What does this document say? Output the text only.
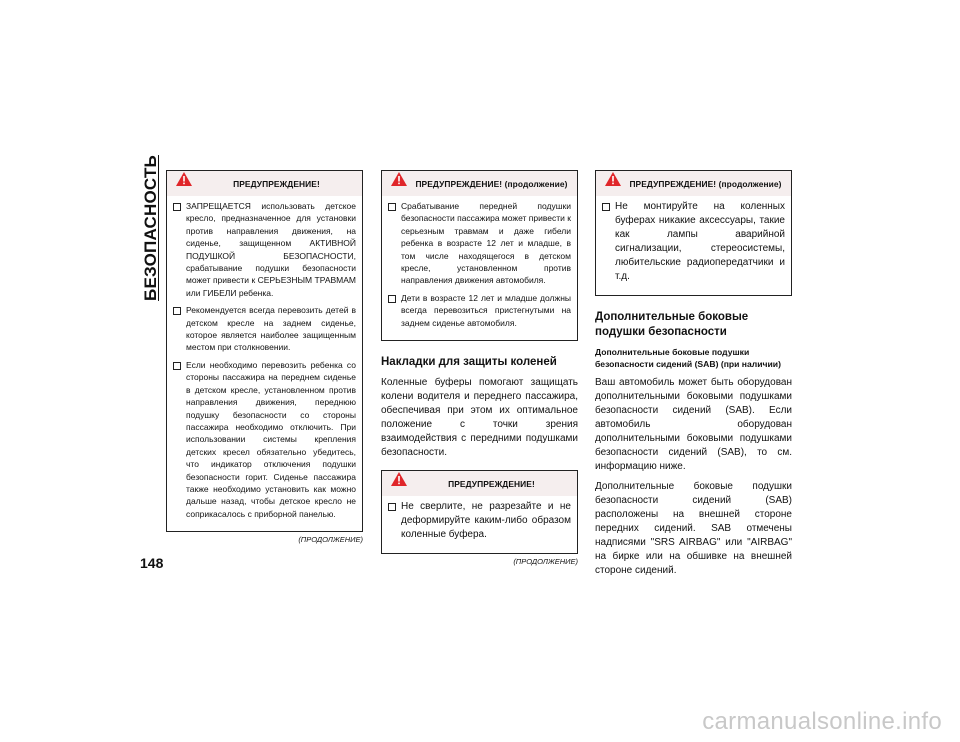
БЕЗОПАСНОСТЬ	ПРЕДУПРЕЖДЕНИЕ!

ЗАПРЕЩАЕТСЯ использовать детское кресло, предназначенное для установки против направления движения, на сиденье, защищенном АКТИВНОЙ ПОДУШКОЙ БЕЗОПАСНОСТИ, срабатывание подушки безопасности может привести к СЕРЬЕЗНЫМ ТРАВМАМ или ГИБЕЛИ ребенка.

Рекомендуется всегда перевозить детей в детском кресле на заднем сиденье, которое является наиболее защищенным местом при столкновении.

Если необходимо перевозить ребенка со стороны пассажира на переднем сиденье в детском кресле, установленном против направления движения, переднюю подушку безопасности со стороны пассажира необходимо отключить. При использовании системы крепления детских кресел обязательно убедитесь, что индикатор отключения подушки безопасности горит. Сиденье пассажира также необходимо установить как можно дальше назад, чтобы детское кресло не соприкасалось с приборной панелью.

(ПРОДОЛЖЕНИЕ)
ПРЕДУПРЕЖДЕНИЕ! (продолжение)

Срабатывание передней подушки безопасности пассажира может привести к серьезным травмам и даже гибели ребенка в возрасте 12 лет и младше, в том числе находящегося в детском кресле, установленном против направления движения автомобиля.

Дети в возрасте 12 лет и младше должны всегда перевозиться пристегнутыми на заднем сиденье автомобиля.

Накладки для защиты коленей

Коленные буферы помогают защищать колени водителя и переднего пассажира, обеспечивая при этом их оптимальное положение с точки зрения взаимодействия с передними подушками безопасности.

ПРЕДУПРЕЖДЕНИЕ!

Не сверлите, не разрезайте и не деформируйте каким-либо образом коленные буфера.

(ПРОДОЛЖЕНИЕ)
ПРЕДУПРЕЖДЕНИЕ! (продолжение)

Не монтируйте на коленных буферах никакие аксессуары, такие как лампы аварийной сигнализации, стереосистемы, любительские радиопередатчики и т.д.

Дополнительные боковые подушки безопасности
Дополнительные боковые подушки безопасности сидений (SAB) (при наличии)

Ваш автомобиль может быть оборудован дополнительными боковыми подушками безопасности сидений (SAB). Если автомобиль оборудован дополнительными боковыми подушками безопасности сидений (SAB), то см. информацию ниже.

Дополнительные боковые подушки безопасности сидений (SAB) расположены на внешней стороне передних сидений. SAB отмечены надписями "SRS AIRBAG" или "AIRBAG" на бирке или на обшивке на внешней стороне сидений.

148
carmanualsonline.info
